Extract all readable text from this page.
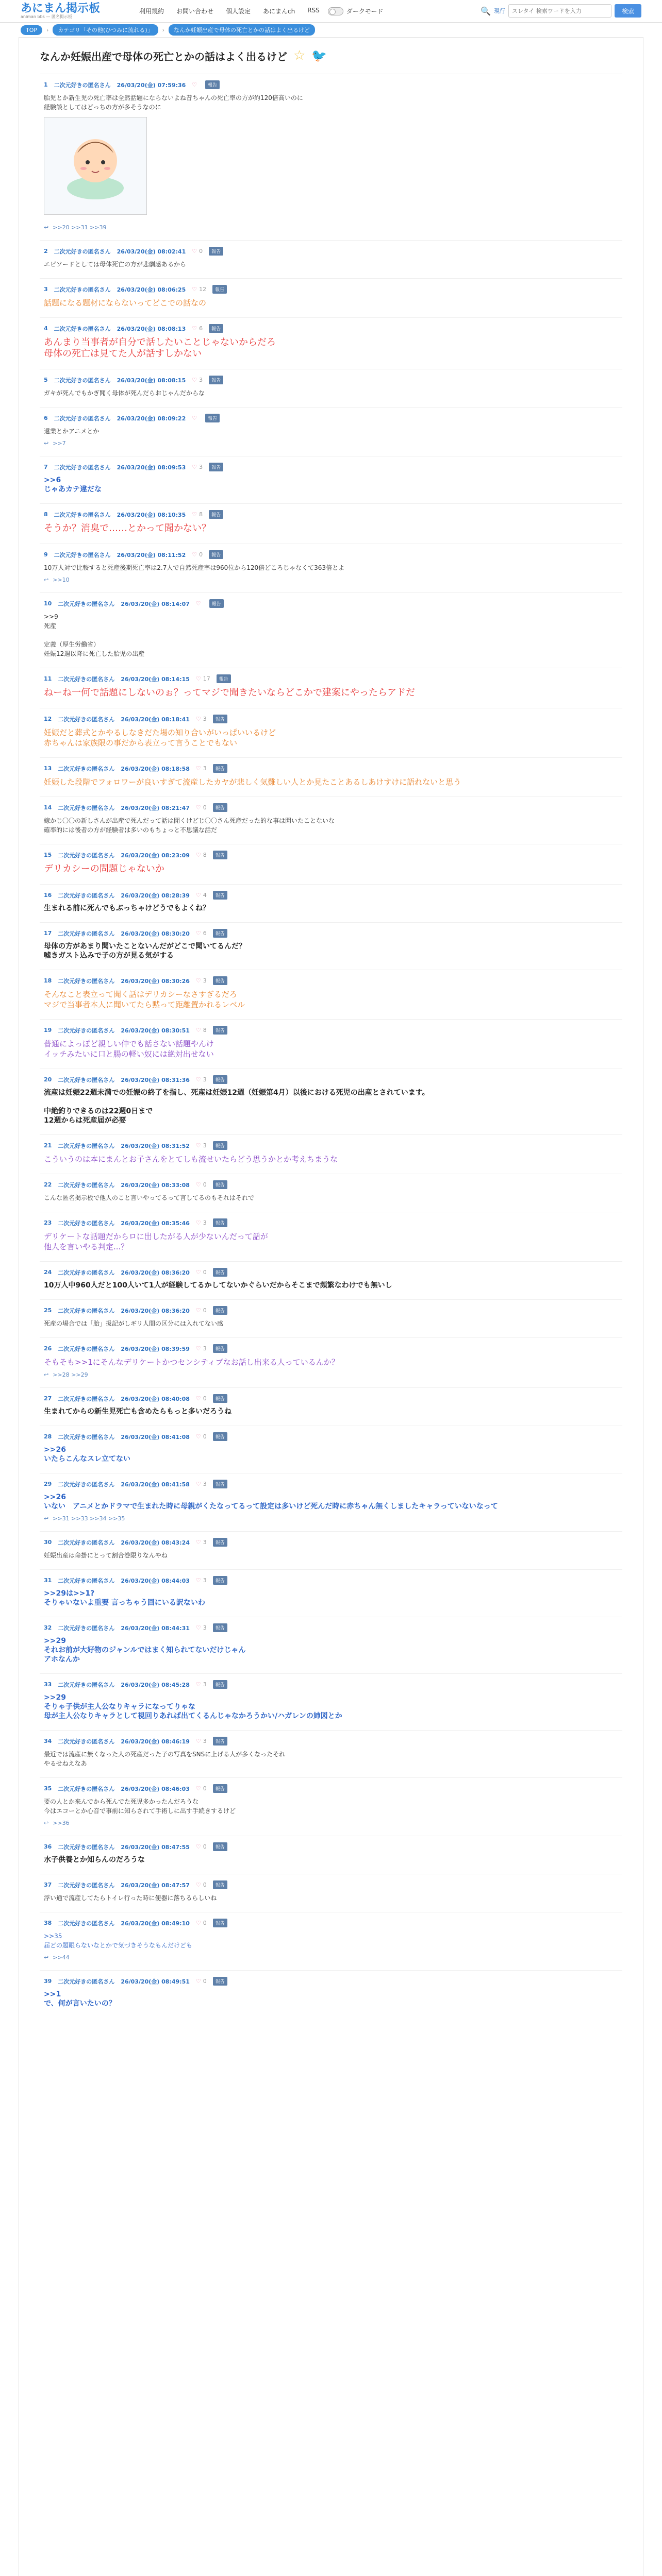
あにまん掲示板
animan bbs — 匿名掲示板
利用規約 お問い合わせ 個人設定 あにまんch RSS	ダークモード	🔍 現行
スレタイ 検索ワードを入力	検索
TOP	›	カテゴリ「その他(ひつみに流れる)」	›	なんか妊娠出産で母体の死亡とかの話はよく出るけど
なんか妊娠出産で母体の死亡とかの話はよく出るけど ☆ 🐦
1 二次元好きの匿名さん 26/03/20(金) 07:59:36 ♡	報告
胎児とか新生児の死亡率は全然話題にならないよね昔ちゃんの死亡率の方が約120倍高いのに
経験談としてはどっちの方が多そうなのに
↩ >>20 >>31 >>39
2 二次元好きの匿名さん 26/03/20(金) 08:02:41 ♡ 0	報告
エピソードとしては母体死亡の方が悲劇感あるから
3 二次元好きの匿名さん 26/03/20(金) 08:06:25 ♡ 12	報告
話題になる題材にならないってどこでの話なの
4 二次元好きの匿名さん 26/03/20(金) 08:08:13 ♡ 6	報告
あんまり当事者が自分で話したいことじゃないからだろ
母体の死亡は見てた人が話すしかない
5 二次元好きの匿名さん 26/03/20(金) 08:08:15 ♡ 3	報告
ガキが死んでもかぎ聞く母体が死んだらおじゃんだからな
6 二次元好きの匿名さん 26/03/20(金) 08:09:22 ♡	報告
還業とかアニメとか
↩ >>7
7 二次元好きの匿名さん 26/03/20(金) 08:09:53 ♡ 3	報告
>>6
じゃあカテ違だな
8 二次元好きの匿名さん 26/03/20(金) 08:10:35 ♡ 8	報告
そうか？消臭で……とかって聞かない？
9 二次元好きの匿名さん 26/03/20(金) 08:11:52 ♡ 0	報告
10万人対で比較すると死産後期死亡率は2.7人で自然死産率は960位から120倍どころじゃなくて363倍とよ
↩ >>10
10 二次元好きの匿名さん 26/03/20(金) 08:14:07 ♡	報告
>>9
死産

定義（厚生労働省）
妊娠12週以降に死亡した胎児の出産
11 二次元好きの匿名さん 26/03/20(金) 08:14:15 ♡ 17	報告
ねーね一何で話題にしないのぉ？ってマジで聞きたいならどこかで建案にやったらアドだ
12 二次元好きの匿名さん 26/03/20(金) 08:18:41 ♡ 3	報告
妊娠だと葬式とかやるしなきだた場の知り合いがいっぱいいるけど
赤ちゃんは家族限の事だから表立って言うことでもない
13 二次元好きの匿名さん 26/03/20(金) 08:18:58 ♡ 3	報告
妊娠した段階でフォロワーが良いすぎて流産したカヤが悲しく気難しい人とか見たことあるしあけすけに語れないと思う
14 二次元好きの匿名さん 26/03/20(金) 08:21:47 ♡ 0	報告
嫁かじ〇〇の新しさんが出産で死んだって話は聞くけどじ〇〇さん死産だった的な事は聞いたことないな
確率的には後者の方が経験者は多いのもちょっと不思議な話だ
15 二次元好きの匿名さん 26/03/20(金) 08:23:09 ♡ 8	報告
デリカシーの問題じゃないか
16 二次元好きの匿名さん 26/03/20(金) 08:28:39 ♡ 4	報告
生まれる前に死んでもぶっちゃけどうでもよくね？
17 二次元好きの匿名さん 26/03/20(金) 08:30:20 ♡ 6	報告
母体の方があまり聞いたことないんだがどこで聞いてるんだ？
嘘きガスト込みで子の方が見る気がする
18 二次元好きの匿名さん 26/03/20(金) 08:30:26 ♡ 3	報告
そんなこと表立って聞く話はデリカシーなさすぎるだろ
マジで当事者本人に聞いてたら黙って距離置かれるレベル
19 二次元好きの匿名さん 26/03/20(金) 08:30:51 ♡ 8	報告
普通によっぽど親しい仲でも話さない話題やんけ
イッチみたいに口と腸の軽い奴には絶対出せない
20 二次元好きの匿名さん 26/03/20(金) 08:31:36 ♡ 3	報告
流産は妊娠22週未満での妊娠の終了を指し、死産は妊娠12週（妊娠第4月）以後における死児の出産とされています。

中絶釣りできるのは22週0日まで
12週からは死産届が必要
21 二次元好きの匿名さん 26/03/20(金) 08:31:52 ♡ 3	報告
こういうのは本にまんとお子さんをとてしも流せいたらどう思うかとか考えちまうな
22 二次元好きの匿名さん 26/03/20(金) 08:33:08 ♡ 0	報告
こんな匿名掲示板で他人のこと言いやってるって言してるのもそれはそれで
23 二次元好きの匿名さん 26/03/20(金) 08:35:46 ♡ 3	報告
デリケートな話題だからロに出したがる人が少ないんだって話が
他人を言いやる判定...？
24 二次元好きの匿名さん 26/03/20(金) 08:36:20 ♡ 0	報告
10万人中960人だと100人いて1人が経験してるかしてないかぐらいだからそこまで頻繁なわけでも無いし
25 二次元好きの匿名さん 26/03/20(金) 08:36:20 ♡ 0	報告
死産の場合では「胎」扱記がしギリ人間の区分には入れてない感
26 二次元好きの匿名さん 26/03/20(金) 08:39:59 ♡ 3	報告
そもそも>>1にそんなデリケートかつセンシティブなお話し出来る人っているんか？
↩ >>28 >>29
27 二次元好きの匿名さん 26/03/20(金) 08:40:08 ♡ 0	報告
生まれてからの新生児死亡も含めたらもっと多いだろうね
28 二次元好きの匿名さん 26/03/20(金) 08:41:08 ♡ 0	報告
>>26
いたらこんなスレ立てない
29 二次元好きの匿名さん 26/03/20(金) 08:41:58 ♡ 3	報告
>>26
いない　アニメとかドラマで生まれた時に母親がくたなってるって設定は多いけど死んだ時に赤ちゃん無くしましたキャラっていないなって
↩ >>31 >>33 >>34 >>35
30 二次元好きの匿名さん 26/03/20(金) 08:43:24 ♡ 3	報告
妊娠出産は命掛にとって割合巻限りなんやね
31 二次元好きの匿名さん 26/03/20(金) 08:44:03 ♡ 3	報告
>>29は>>1?
そりゃいないよ重要 言っちゃう回にいる訳ないわ
32 二次元好きの匿名さん 26/03/20(金) 08:44:31 ♡ 3	報告
>>29
それお前が大好物のジャンルではまく知られてないだけじゃん
アホなんか
33 二次元好きの匿名さん 26/03/20(金) 08:45:28 ♡ 3	報告
>>29
そりゃ子供が主人公なりキャラになってりゃな
母が主人公なりキャラとして視回りあれば出てくるんじゃなかろうかい/ハガレンの姉図とか
34 二次元好きの匿名さん 26/03/20(金) 08:46:19 ♡ 3	報告
最近では流産に無くなった人の死産だった子の写真をSNSに上げる人が多くなったそれ
やるせねえなあ
35 二次元好きの匿名さん 26/03/20(金) 08:46:03 ♡ 0	報告
要の人とか来んでから死んでた死児多かったんだろうな
今はエコーとか心音で事前に知らされて手術しに出す手続きするけど
↩ >>36
36 二次元好きの匿名さん 26/03/20(金) 08:47:55 ♡ 0	報告
水子供養とか知らんのだろうな
37 二次元好きの匿名さん 26/03/20(金) 08:47:57 ♡ 0	報告
浮い通で流産してたらトイレ行った時に便器に落ちるらしいね
38 二次元好きの匿名さん 26/03/20(金) 08:49:10 ♡ 0	報告
>>35
届どの題眼らないなとかで気づきそうなもんだけども
↩ >>44
39 二次元好きの匿名さん 26/03/20(金) 08:49:51 ♡ 0	報告
>>1
で、何が言いたいの？
